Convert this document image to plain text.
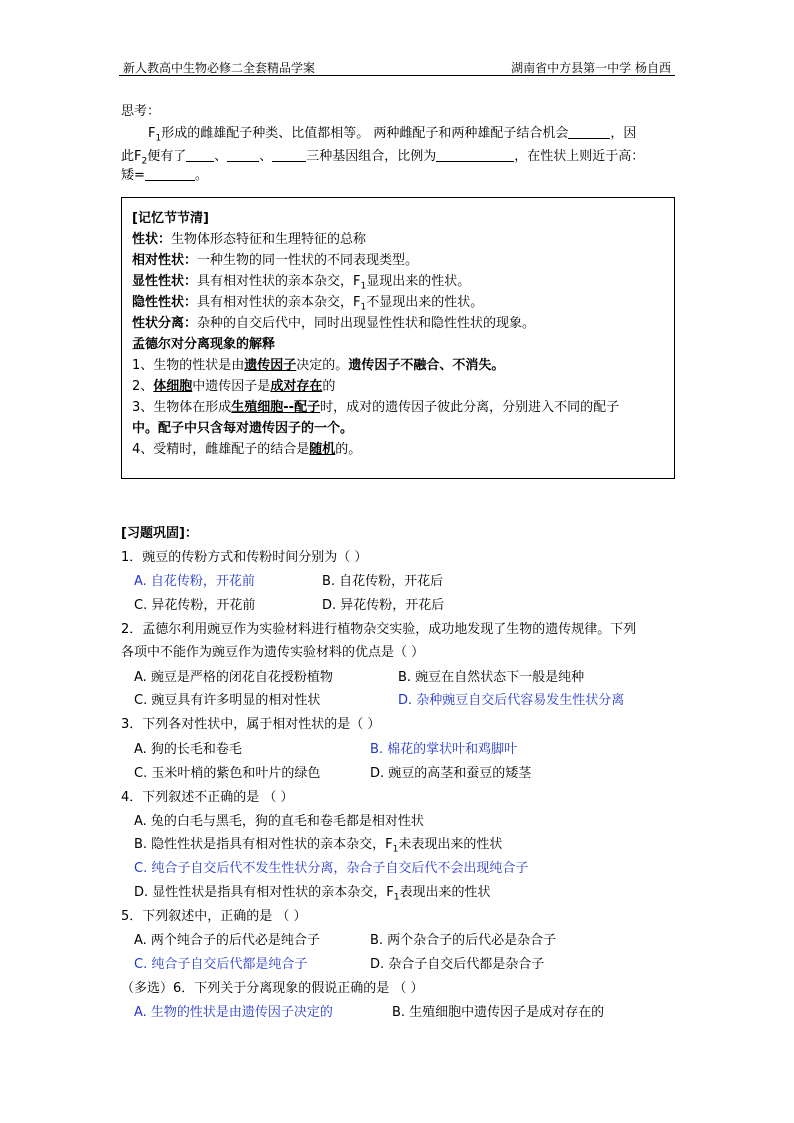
新人教高中生物必修二全套精品学案	湖南省中方县第一中学 杨自西
思考：
$F_1$形成的雌雄配子种类、比值都相等。 两种雌配子和两种雄配子结合机会	，因
此$F_2$便有了 、 、	三种基因组合，比例为	，在性状上则近于高：
矮=	。
[记忆节节清]
性状：生物体形态特征和生理特征的总称
相对性状：一种生物的同一性状的不同表现类型。
显性性状：具有相对性状的亲本杂交，$F_1$显现出来的性状。
隐性性状：具有相对性状的亲本杂交，$F_1$不显现出来的性状。
性状分离：杂种的自交后代中，同时出现显性性状和隐性性状的现象。
孟德尔对分离现象的解释
1、生物的性状是由遗传因子决定的。遗传因子不融合、不消失。
2、体细胞中遗传因子是成对存在的
3、生物体在形成生殖细胞--配子时，成对的遗传因子彼此分离，分别进入不同的配子
中。配子中只含每对遗传因子的一个。
4、受精时，雌雄配子的结合是随机的。
[习题巩固]：
1．豌豆的传粉方式和传粉时间分别为（ ）
A. 自花传粉，开花前	B. 自花传粉，开花后
C. 异花传粉，开花前	D. 异花传粉，开花后
2．孟德尔利用豌豆作为实验材料进行植物杂交实验，成功地发现了生物的遗传规律。下列
各项中不能作为豌豆作为遗传实验材料的优点是（ ）
A. 豌豆是严格的闭花自花授粉植物	B. 豌豆在自然状态下一般是纯种
C. 豌豆具有许多明显的相对性状	D. 杂种豌豆自交后代容易发生性状分离
3．下列各对性状中，属于相对性状的是（ ）
A. 狗的长毛和卷毛	B. 棉花的掌状叶和鸡脚叶
C. 玉米叶梢的紫色和叶片的绿色	D. 豌豆的高茎和蚕豆的矮茎
4．下列叙述不正确的是 （ ）
A. 兔的白毛与黑毛，狗的直毛和卷毛都是相对性状
B. 隐性性状是指具有相对性状的亲本杂交，$F_1$未表现出来的性状
C. 纯合子自交后代不发生性状分离，杂合子自交后代不会出现纯合子
D. 显性性状是指具有相对性状的亲本杂交，$F_1$表现出来的性状
5．下列叙述中，正确的是 （ ）
A. 两个纯合子的后代必是纯合子	B. 两个杂合子的后代必是杂合子
C. 纯合子自交后代都是纯合子	D. 杂合子自交后代都是杂合子
（多选）6．下列关于分离现象的假说正确的是 （ ）
A. 生物的性状是由遗传因子决定的	B. 生殖细胞中遗传因子是成对存在的
